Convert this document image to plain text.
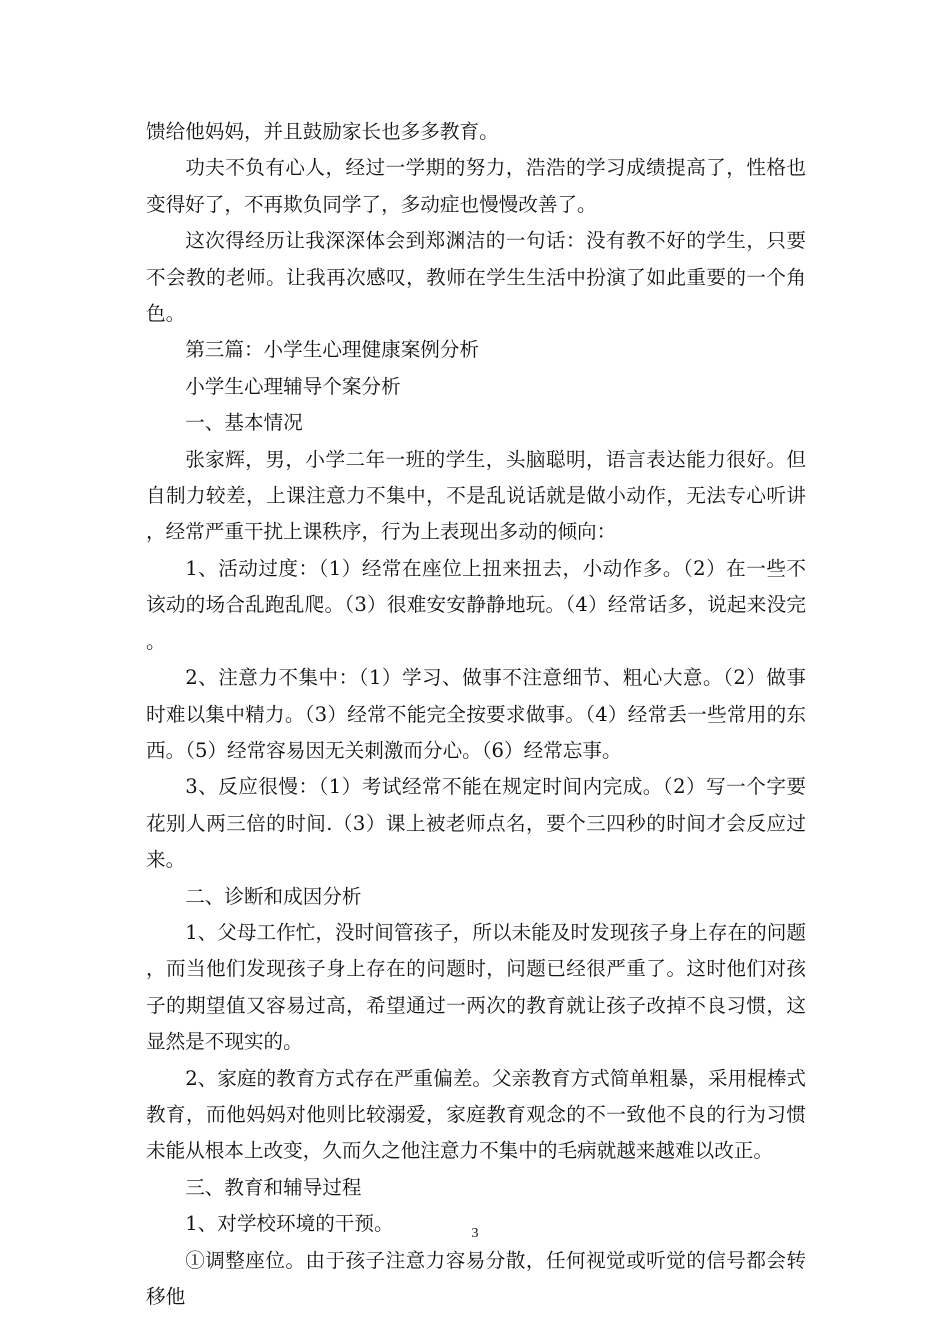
馈给他妈妈，并且鼓励家长也多多教育。

功夫不负有心人，经过一学期的努力，浩浩的学习成绩提高了，性格也变得好了，不再欺负同学了，多动症也慢慢改善了。

这次得经历让我深深体会到郑渊洁的一句话：没有教不好的学生，只要不会教的老师。让我再次感叹，教师在学生生活中扮演了如此重要的一个角色。

第三篇：小学生心理健康案例分析

小学生心理辅导个案分析

一、基本情况

张家辉，男，小学二年一班的学生，头脑聪明，语言表达能力很好。但自制力较差，上课注意力不集中，不是乱说话就是做小动作，无法专心听讲，经常严重干扰上课秩序，行为上表现出多动的倾向：

1、活动过度：（1）经常在座位上扭来扭去，小动作多。（2）在一些不该动的场合乱跑乱爬。（3）很难安安静静地玩。（4）经常话多，说起来没完。

2、注意力不集中：（1）学习、做事不注意细节、粗心大意。（2）做事时难以集中精力。（3）经常不能完全按要求做事。（4）经常丢一些常用的东西。（5）经常容易因无关刺激而分心。（6）经常忘事。

3、反应很慢：（1）考试经常不能在规定时间内完成。（2）写一个字要花别人两三倍的时间.（3）课上被老师点名，要个三四秒的时间才会反应过来。

二、诊断和成因分析

1、父母工作忙，没时间管孩子，所以未能及时发现孩子身上存在的问题，而当他们发现孩子身上存在的问题时，问题已经很严重了。这时他们对孩子的期望值又容易过高，希望通过一两次的教育就让孩子改掉不良习惯，这显然是不现实的。

2、家庭的教育方式存在严重偏差。父亲教育方式简单粗暴，采用棍棒式教育，而他妈妈对他则比较溺爱，家庭教育观念的不一致他不良的行为习惯未能从根本上改变，久而久之他注意力不集中的毛病就越来越难以改正。

三、教育和辅导过程

1、对学校环境的干预。

①调整座位。由于孩子注意力容易分散，任何视觉或听觉的信号都会转移他

3
